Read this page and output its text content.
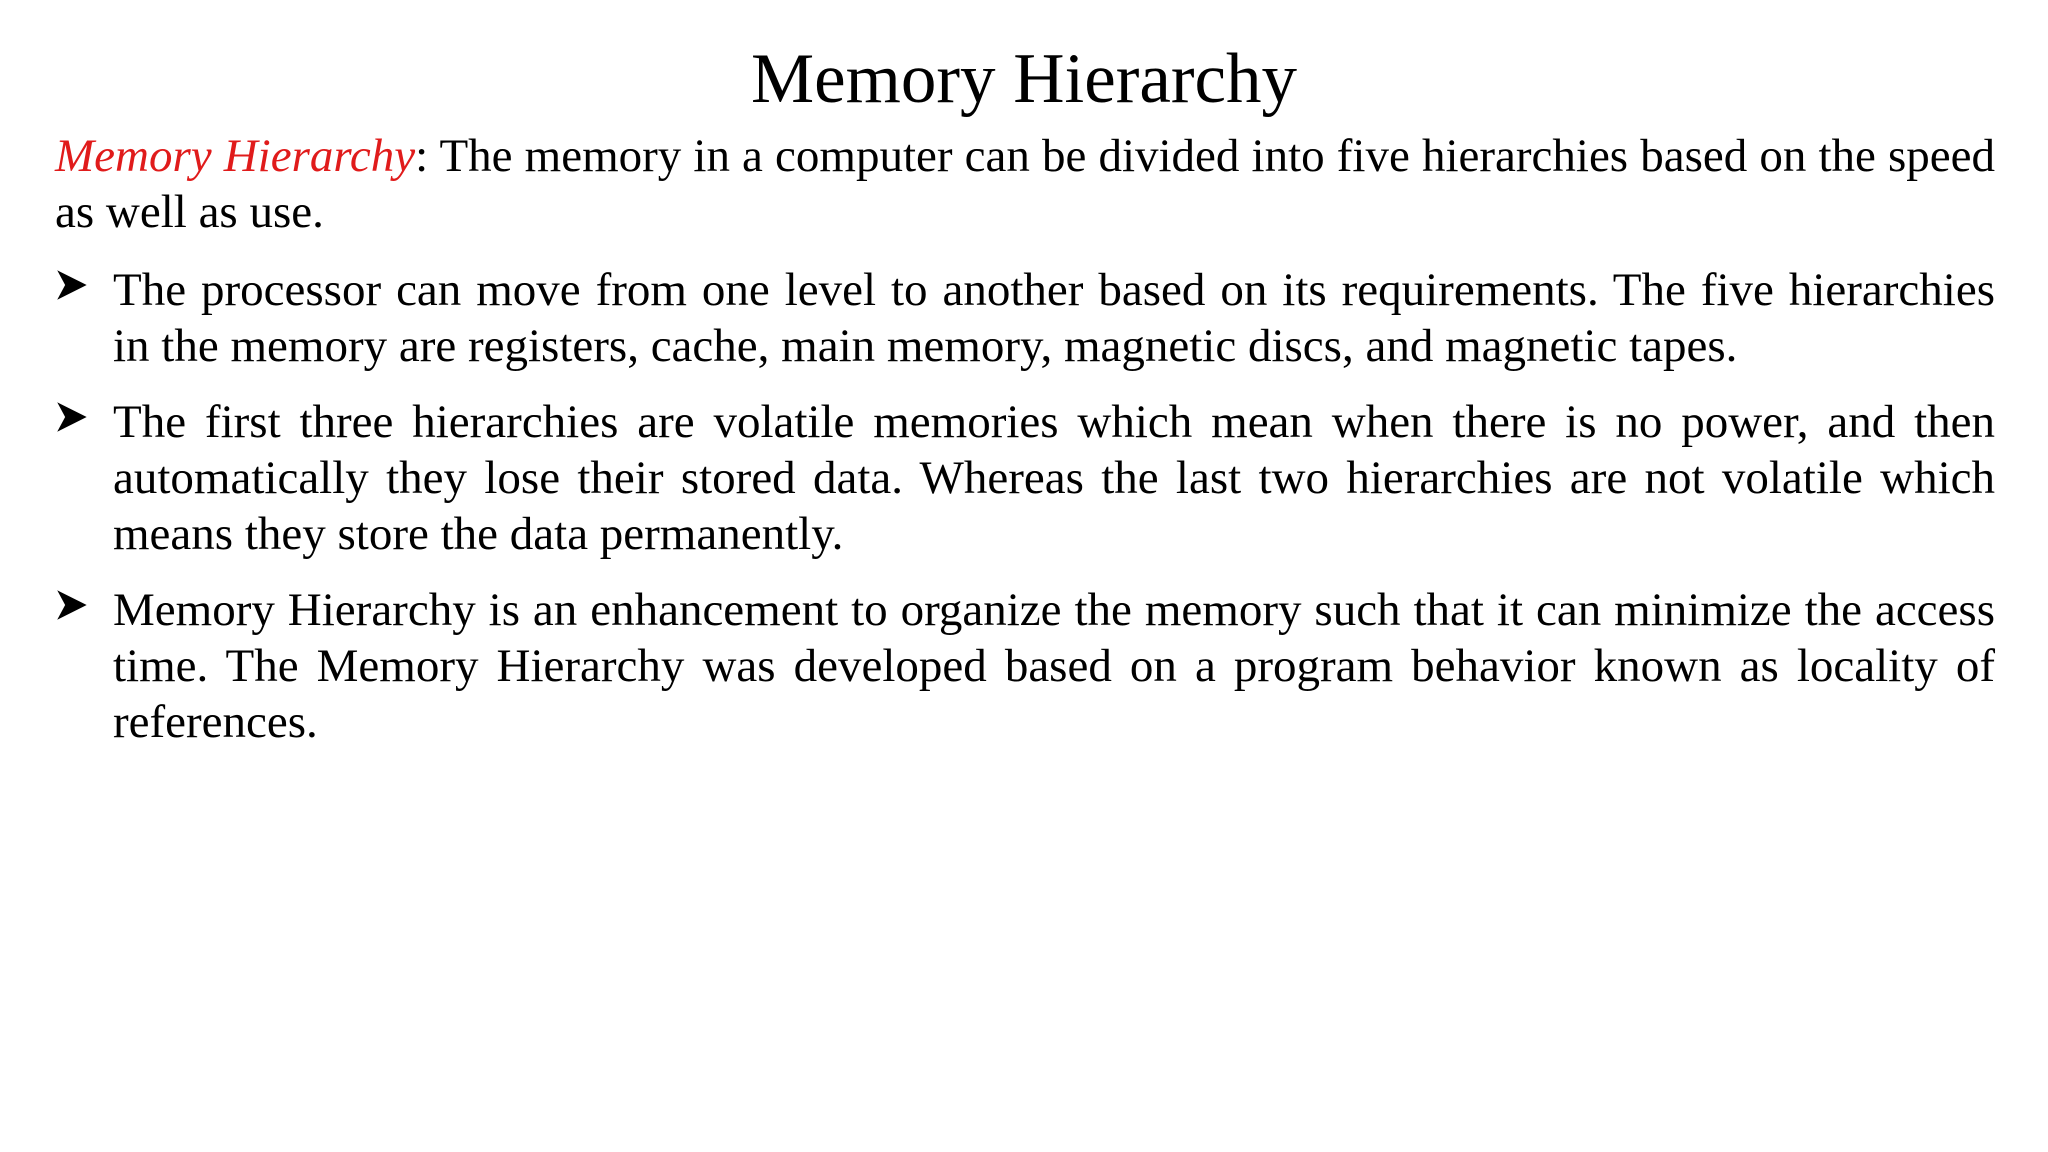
Memory Hierarchy

Memory Hierarchy: The memory in a computer can be divided into five hierarchies based on the speed as well as use.

The processor can move from one level to another based on its requirements. The five hierarchies in the memory are registers, cache, main memory, magnetic discs, and magnetic tapes.
The first three hierarchies are volatile memories which mean when there is no power, and then automatically they lose their stored data. Whereas the last two hierarchies are not volatile which means they store the data permanently.
Memory Hierarchy is an enhancement to organize the memory such that it can minimize the access time. The Memory Hierarchy was developed based on a program behavior known as locality of references.
